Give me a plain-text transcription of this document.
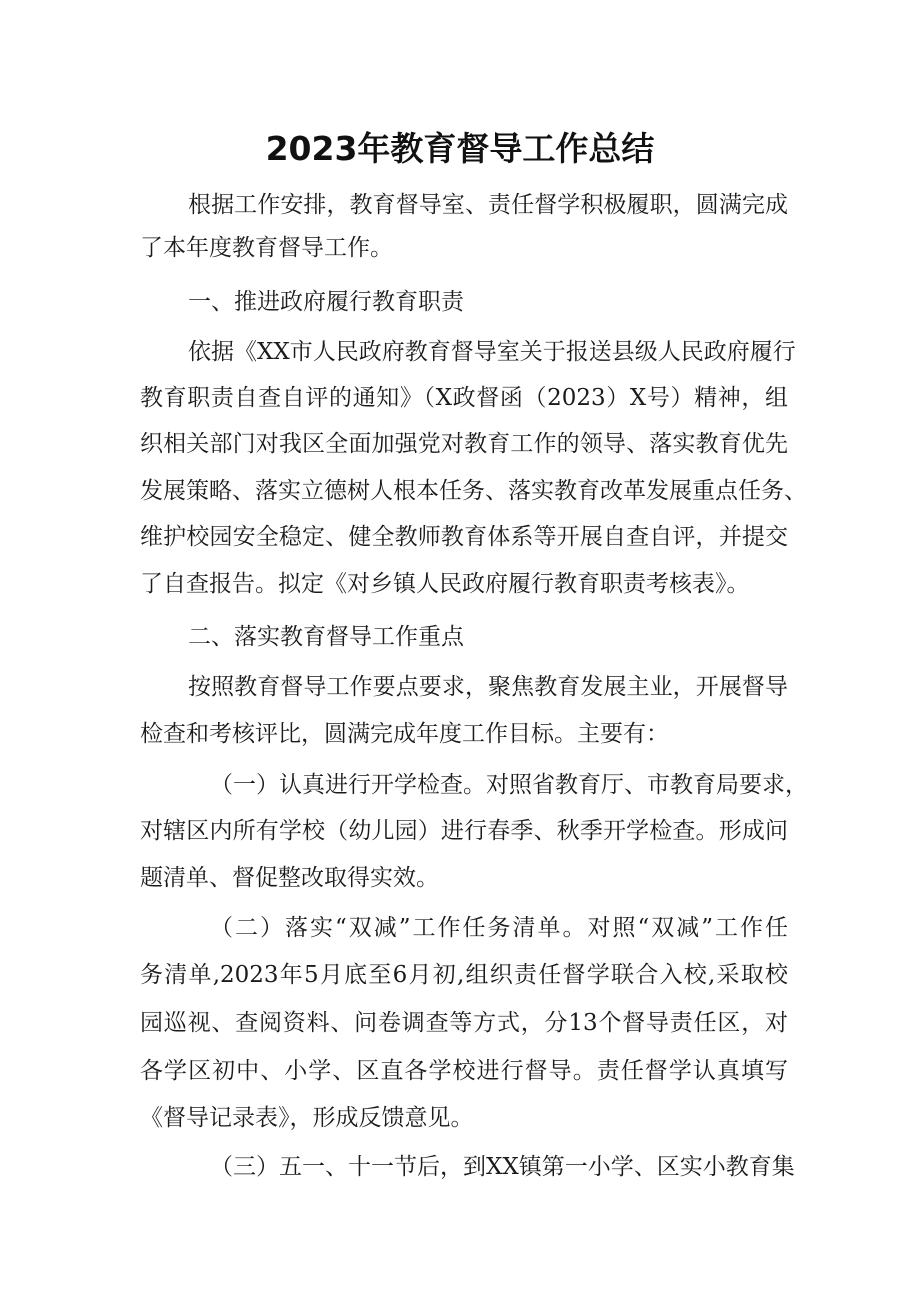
2023年教育督导工作总结
根据工作安排，教育督导室、责任督学积极履职，圆满完成
了本年度教育督导工作。
一、推进政府履行教育职责
依据《XX市人民政府教育督导室关于报送县级人民政府履行
教育职责自查自评的通知》（X政督函（2023）X号）精神，组
织相关部门对我区全面加强党对教育工作的领导、落实教育优先
发展策略、落实立德树人根本任务、落实教育改革发展重点任务、
维护校园安全稳定、健全教师教育体系等开展自查自评，并提交
了自查报告。拟定《对乡镇人民政府履行教育职责考核表》。
二、落实教育督导工作重点
按照教育督导工作要点要求，聚焦教育发展主业，开展督导
检查和考核评比，圆满完成年度工作目标。主要有：
（一）认真进行开学检查。对照省教育厅、市教育局要求，
对辖区内所有学校（幼儿园）进行春季、秋季开学检查。形成问
题清单、督促整改取得实效。
（二）落实“双减”工作任务清单。对照“双减”工作任
务清单,2023年5月底至6月初,组织责任督学联合入校,采取校
园巡视、查阅资料、问卷调查等方式，分13个督导责任区，对
各学区初中、小学、区直各学校进行督导。责任督学认真填写
《督导记录表》，形成反馈意见。
（三）五一、十一节后，到XX镇第一小学、区实小教育集
